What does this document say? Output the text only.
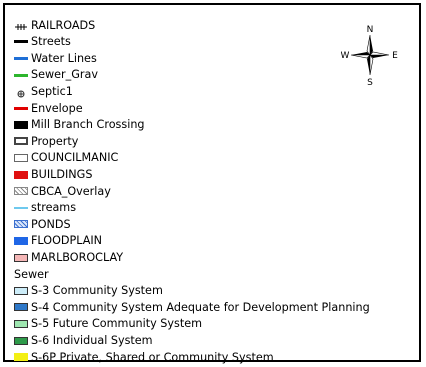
RAILROADS
Streets
Water Lines
Sewer_Grav
Septic1
Envelope
Mill Branch Crossing
Property
COUNCILMANIC
BUILDINGS
CBCA_Overlay
streams
PONDS
FLOODPLAIN
MARLBOROCLAY
Sewer
S-3 Community System
S-4 Community System Adequate for Development Planning
S-5 Future Community System
S-6 Individual System
S-6P Private, Shared or Community System
N
W	E
S
